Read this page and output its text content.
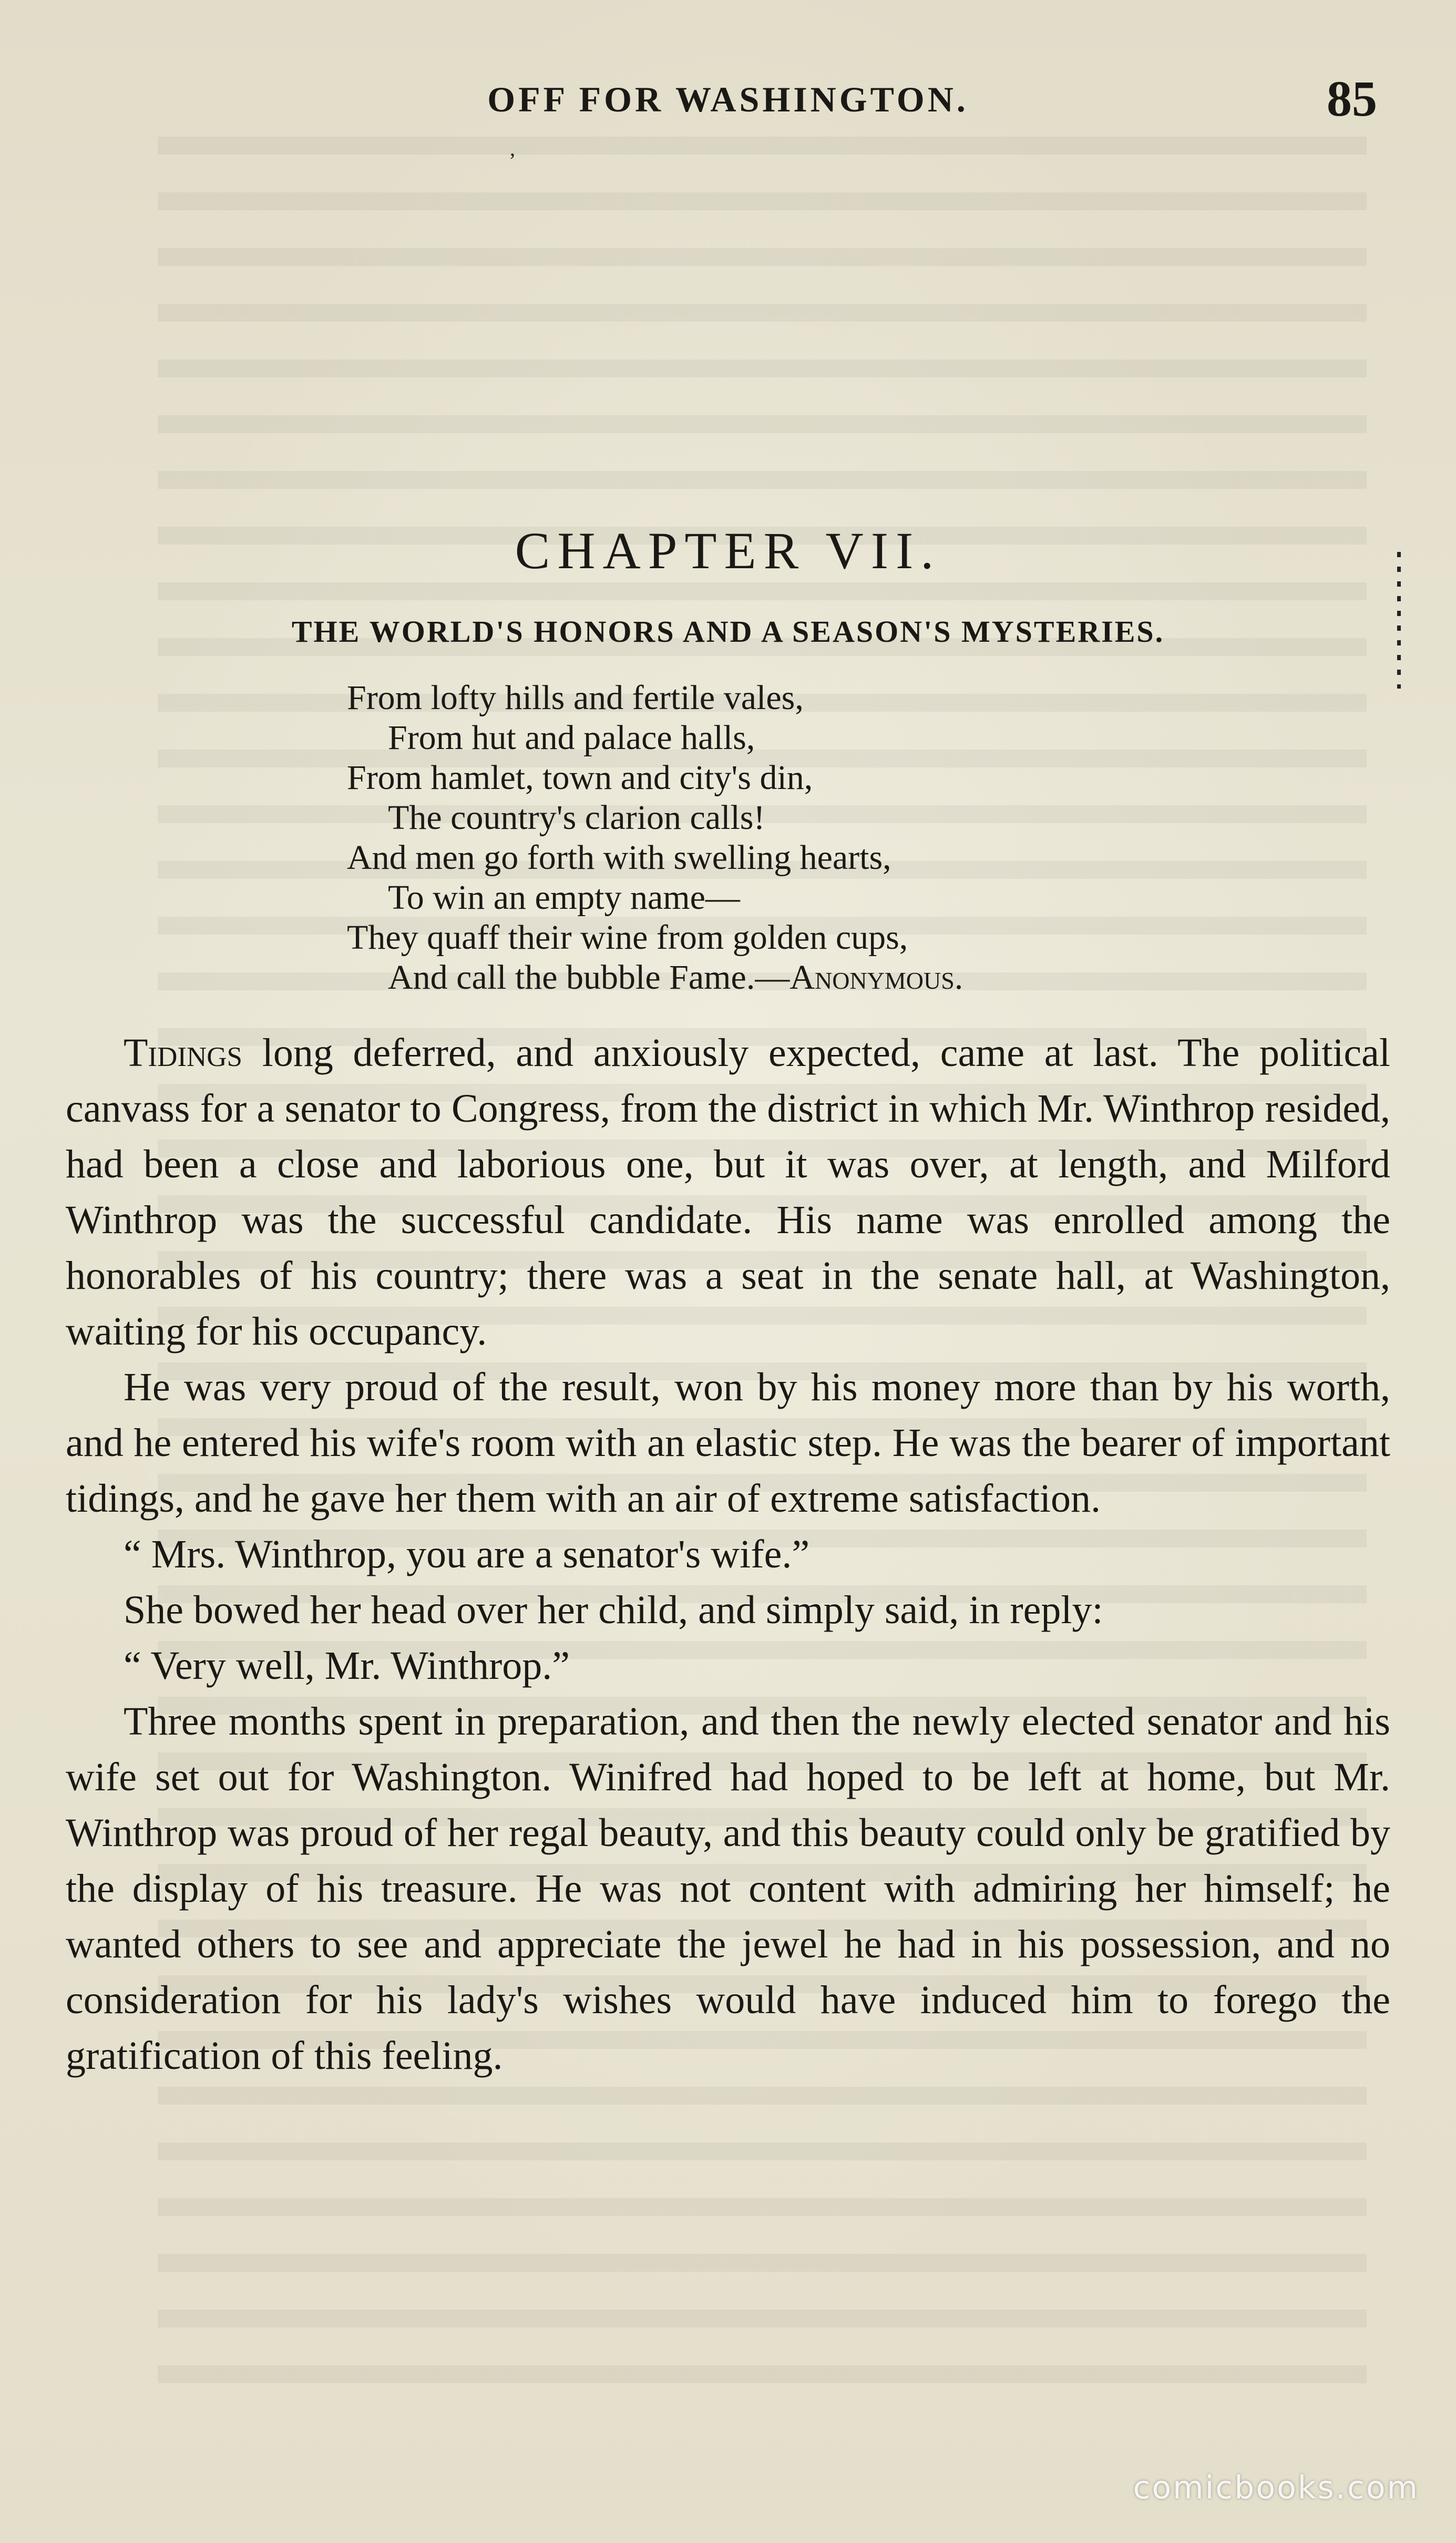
OFF FOR WASHINGTON.	85
ʼ
CHAPTER VII.
THE WORLD'S HONORS AND A SEASON'S MYSTERIES.
From lofty hills and fertile vales,
From hut and palace halls,
From hamlet, town and city's din,
The country's clarion calls!
And men go forth with swelling hearts,
To win an empty name—
They quaff their wine from golden cups,
And call the bubble Fame.—Anonymous.

Tidings long deferred, and anxiously expected, came at last. The political canvass for a senator to Congress, from the district in which Mr. Winthrop resided, had been a close and laborious one, but it was over, at length, and Milford Winthrop was the successful candidate. His name was enrolled among the honorables of his country; there was a seat in the senate hall, at Washington, waiting for his occupancy.

He was very proud of the result, won by his money more than by his worth, and he entered his wife's room with an elastic step. He was the bearer of important tidings, and he gave her them with an air of extreme satisfaction.

“ Mrs. Winthrop, you are a senator's wife.”

She bowed her head over her child, and simply said, in reply:

“ Very well, Mr. Winthrop.”

Three months spent in preparation, and then the newly elected senator and his wife set out for Washington. Winifred had hoped to be left at home, but Mr. Winthrop was proud of her regal beauty, and this beauty could only be gratified by the display of his treasure. He was not content with admiring her himself; he wanted others to see and appreciate the jewel he had in his possession, and no consideration for his lady's wishes would have induced him to forego the gratification of this feeling.

comicbooks.com
